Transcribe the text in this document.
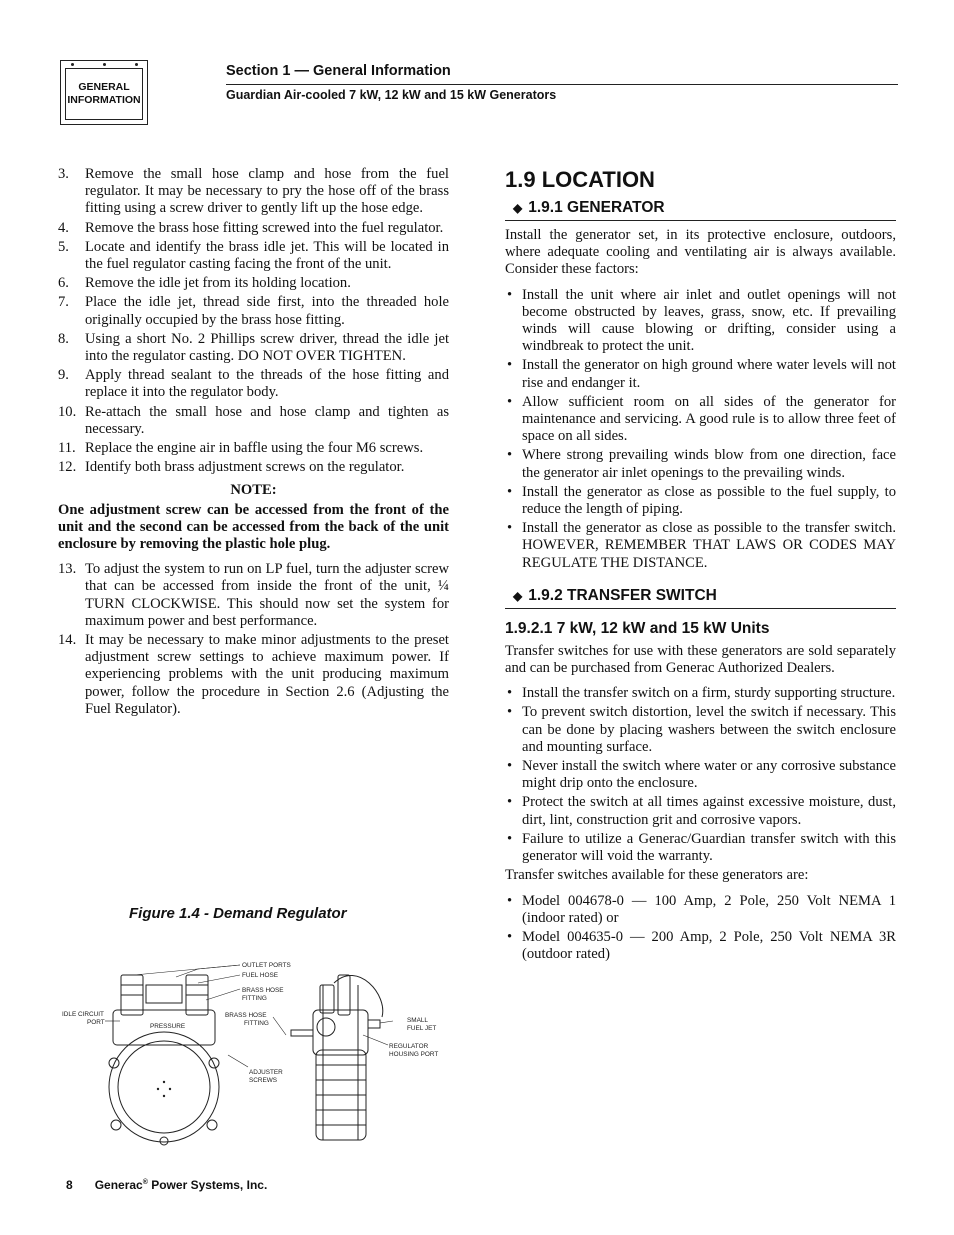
GENERAL
INFORMATION
Section 1 — General Information
Guardian Air-cooled 7 kW, 12 kW and 15 kW Generators
3. Remove the small hose clamp and hose from the fuel regulator. It may be necessary to pry the hose off of the brass fitting using a screw driver to gently lift up the hose edge.
4. Remove the brass hose fitting screwed into the fuel regulator.
5. Locate and identify the brass idle jet. This will be located in the fuel regulator casting facing the front of the unit.
6. Remove the idle jet from its holding location.
7. Place the idle jet, thread side first, into the threaded hole originally occupied by the brass hose fitting.
8. Using a short No. 2 Phillips screw driver, thread the idle jet into the regulator casting. DO NOT OVER TIGHTEN.
9. Apply thread sealant to the threads of the hose fitting and replace it into the regulator body.
10. Re-attach the small hose and hose clamp and tighten as necessary.
11. Replace the engine air in baffle using the four M6 screws.
12. Identify both brass adjustment screws on the regulator.
NOTE:
One adjustment screw can be accessed from the front of the unit and the second can be accessed from the back of the unit enclosure by removing the plastic hole plug.
13. To adjust the system to run on LP fuel, turn the adjuster screw that can be accessed from inside the front of the unit, ¼ TURN CLOCKWISE. This should now set the system for maximum power and best performance.
14. It may be necessary to make minor adjustments to the preset adjustment screw settings to achieve maximum power. If experiencing problems with the unit producing maximum power, follow the procedure in Section 2.6 (Adjusting the Fuel Regulator).
Figure 1.4 - Demand Regulator
PRESSURE
OUTLET PORTS
FUEL HOSE
BRASS HOSE
FITTING
IDLE CIRCUIT
PORT
BRASS HOSE
FITTING	SMALL
FUEL JET
REGULATOR
HOUSING PORT
ADJUSTER
SCREWS
1.9 LOCATION
◆ 1.9.1 GENERATOR

Install the generator set, in its protective enclosure, outdoors, where adequate cooling and ventilating air is always available. Consider these factors:

• Install the unit where air inlet and outlet openings will not become obstructed by leaves, grass, snow, etc. If prevailing winds will cause blowing or drifting, consider using a windbreak to protect the unit.
• Install the generator on high ground where water levels will not rise and endanger it.
• Allow sufficient room on all sides of the generator for maintenance and servicing. A good rule is to allow three feet of space on all sides.
• Where strong prevailing winds blow from one direction, face the generator air inlet openings to the prevailing winds.
• Install the generator as close as possible to the fuel supply, to reduce the length of piping.
• Install the generator as close as possible to the transfer switch. HOWEVER, REMEMBER THAT LAWS OR CODES MAY REGULATE THE DISTANCE.
◆ 1.9.2 TRANSFER SWITCH
1.9.2.1 7 kW, 12 kW and 15 kW Units

Transfer switches for use with these generators are sold separately and can be purchased from Generac Authorized Dealers.

• Install the transfer switch on a firm, sturdy supporting structure.
• To prevent switch distortion, level the switch if necessary. This can be done by placing washers between the switch enclosure and mounting surface.
• Never install the switch where water or any corrosive substance might drip onto the enclosure.
• Protect the switch at all times against excessive moisture, dust, dirt, lint, construction grit and corrosive vapors.
• Failure to utilize a Generac/Guardian transfer switch with this generator will void the warranty.

Transfer switches available for these generators are:

• Model 004678-0 — 100 Amp, 2 Pole, 250 Volt NEMA 1 (indoor rated) or
• Model 004635-0 — 200 Amp, 2 Pole, 250 Volt NEMA 3R (outdoor rated)
8 Generac® Power Systems, Inc.
